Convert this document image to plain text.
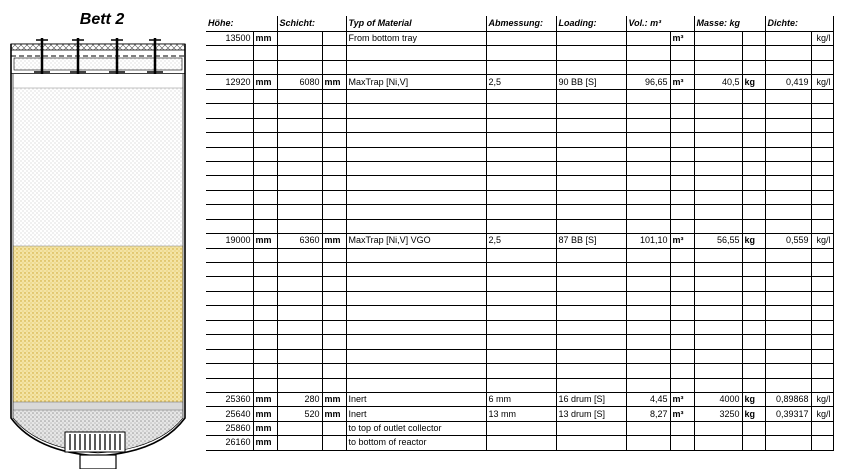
Bett 2	Höhe:		Schicht:		Typ of Material	Abmessung:	Loading:	Vol.: m³		Masse: kg		Dichte:	
13500	mm			From bottom tray				m³				kg/l

12920	mm	6080	mm	MaxTrap [Ni,V]	2,5	90 BB [S]	96,65	m³	40,5	kg	0,419	kg/l

19000	mm	6360	mm	MaxTrap [Ni,V] VGO	2,5	87 BB [S]	101,10	m³	56,55	kg	0,559	kg/l

25360	mm	280	mm	Inert	6 mm	16 drum [S]	4,45	m³	4000	kg	0,89868	kg/l
25640	mm	520	mm	Inert	13 mm	13 drum [S]	8,27	m³	3250	kg	0,39317	kg/l
25860	mm			to top of outlet collector								
26160	mm			to bottom of reactor								
